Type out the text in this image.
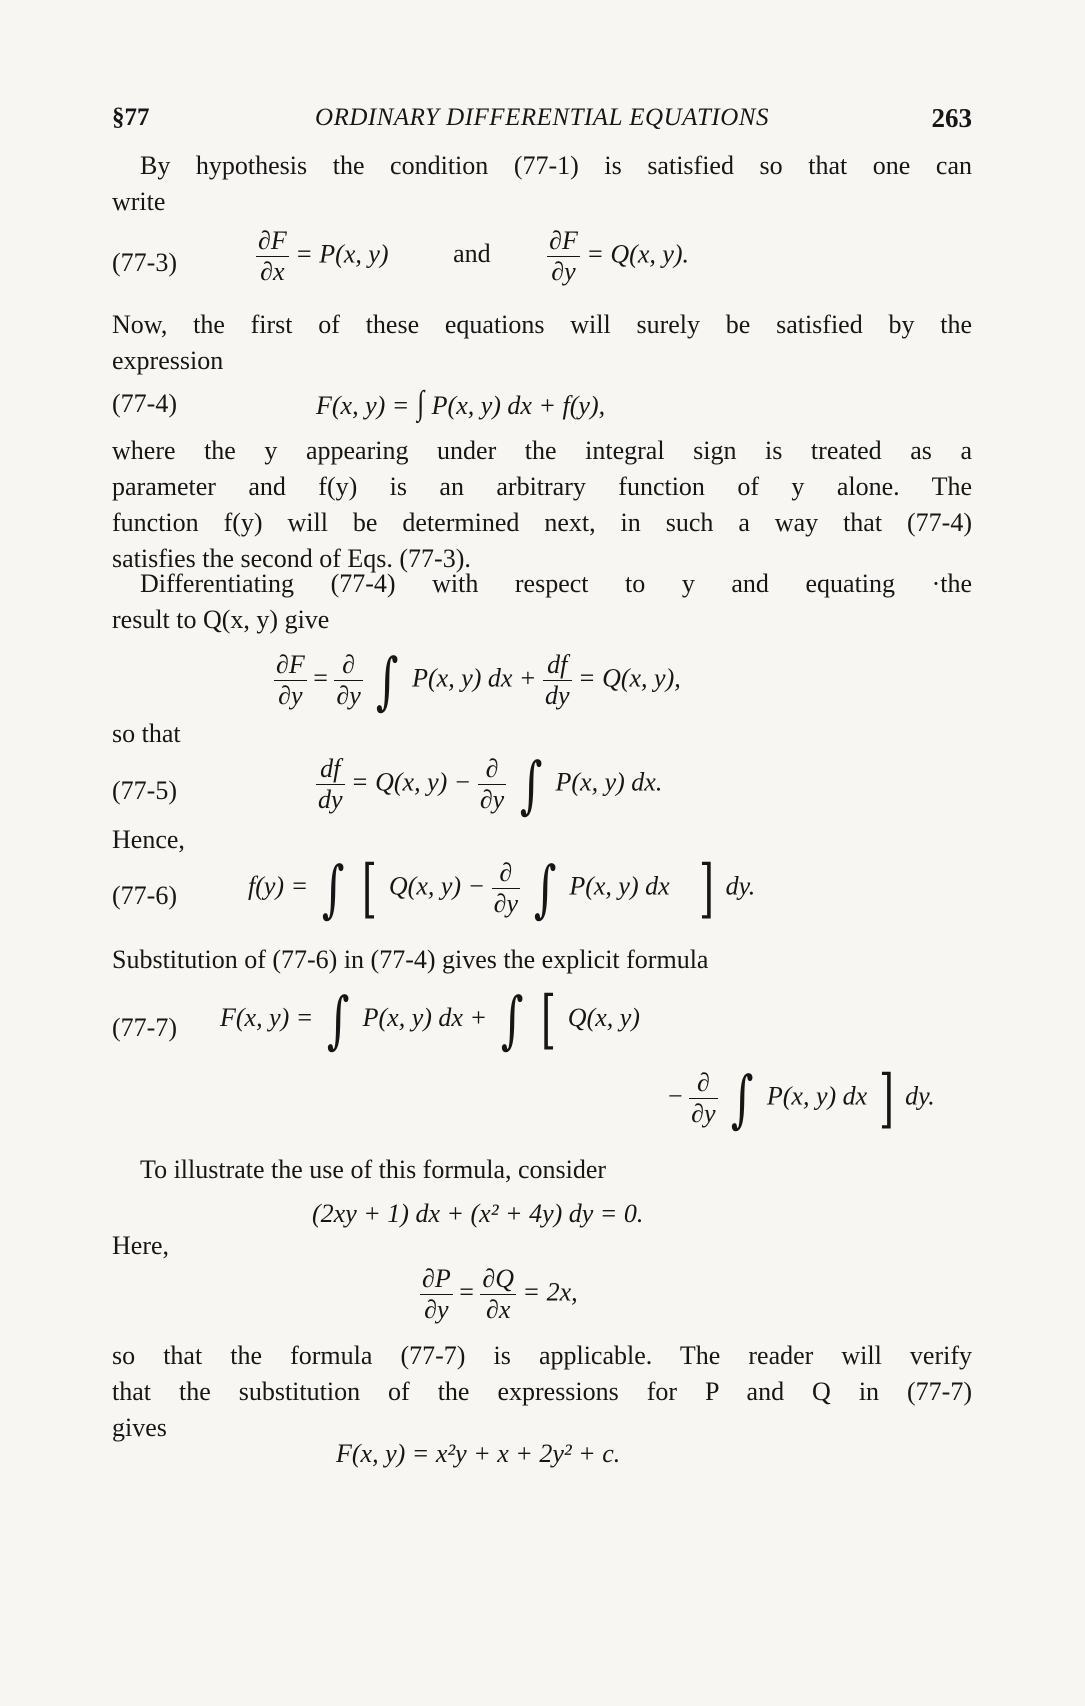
§77	ORDINARY DIFFERENTIAL EQUATIONS	263
By hypothesis the condition (77-1) is satisfied so that one can
write
(77-3)	$\frac{\partial F}{\partial x} = P(x$, y) and $\frac{\partial F}{\partial y} = Q(x$, y).
Now, the first of these equations will surely be satisfied by the
expression
(77-4)	F(x, y) = ∫ P(x, y) dx + f(y),
where the y appearing under the integral sign is treated as a
parameter and f(y) is an arbitrary function of y alone. The
function f(y) will be determined next, in such a way that (77-4)
satisfies the second of Eqs. (77-3).
Differentiating (77-4) with respect to y and equating ·the
result to Q(x, y) give
$\frac{\partial F}{\partial y} = \frac{\partial}{\partial y}$ ∫ P(x, y) dx + $\frac{df}{dy} = Q(x$, y),
so that
(77-5)	$\frac{df}{dy} = Q(x$, $y) - \frac{\partial}{\partial y}$ ∫ P(x, y) dx.
Hence,
(77-6)	f(y) = ∫ [ Q(x, $y) - \frac{\partial}{\partial y}$ ∫ P(x, y) dx ] dy.
Substitution of (77-6) in (77-4) gives the explicit formula
(77-7) F(x, y) = ∫ P(x, y) dx + ∫ [ Q(x, y)
− $\frac{\partial}{\partial y}$ ∫ P(x, y) dx ] dy.
To illustrate the use of this formula, consider
(2xy + 1) dx + (x² + 4y) dy = 0.
Here,
$\frac{\partial P}{\partial y} = \frac{\partial Q}{\partial x} = 2x$,
so that the formula (77-7) is applicable. The reader will verify
that the substitution of the expressions for P and Q in (77-7)
gives
F(x, y) = x²y + x + 2y² + c.
